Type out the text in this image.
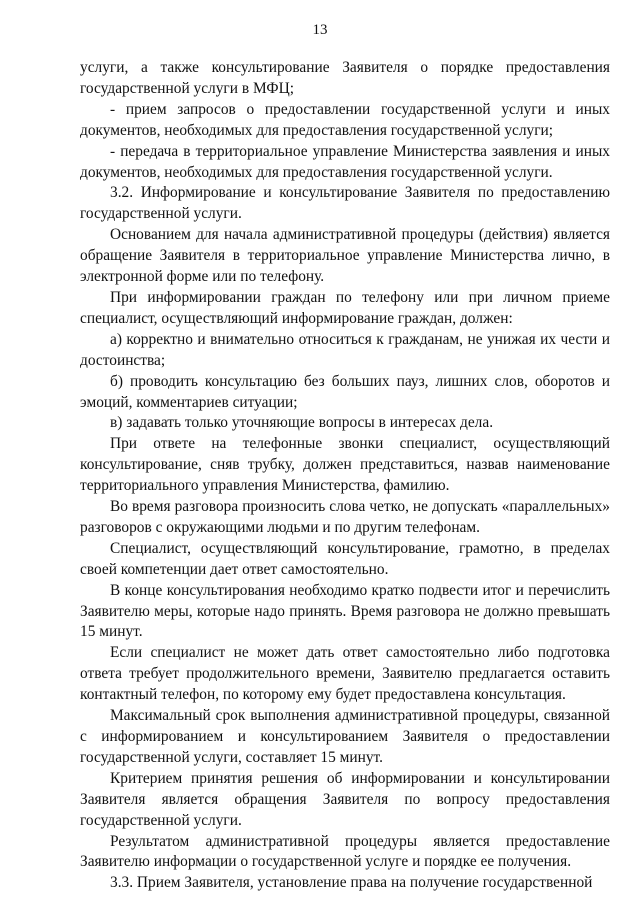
13

услуги, а также консультирование Заявителя о порядке предоставления государственной услуги в МФЦ;

- прием запросов о предоставлении государственной услуги и иных документов, необходимых для предоставления государственной услуги;

- передача в территориальное управление Министерства заявления и иных документов, необходимых для предоставления государственной услуги.

3.2. Информирование и консультирование Заявителя по предоставлению государственной услуги.

Основанием для начала административной процедуры (действия) является обращение Заявителя в территориальное управление Министерства лично, в электронной форме или по телефону.

При информировании граждан по телефону или при личном приеме специалист, осуществляющий информирование граждан, должен:

а) корректно и внимательно относиться к гражданам, не унижая их чести и достоинства;

б) проводить консультацию без больших пауз, лишних слов, оборотов и эмоций, комментариев ситуации;

в) задавать только уточняющие вопросы в интересах дела.

При ответе на телефонные звонки специалист, осуществляющий консультирование, сняв трубку, должен представиться, назвав наименование территориального управления Министерства, фамилию.

Во время разговора произносить слова четко, не допускать «параллельных» разговоров с окружающими людьми и по другим телефонам.

Специалист, осуществляющий консультирование, грамотно, в пределах своей компетенции дает ответ самостоятельно.

В конце консультирования необходимо кратко подвести итог и перечислить Заявителю меры, которые надо принять. Время разговора не должно превышать 15 минут.

Если специалист не может дать ответ самостоятельно либо подготовка ответа требует продолжительного времени, Заявителю предлагается оставить контактный телефон, по которому ему будет предоставлена консультация.

Максимальный срок выполнения административной процедуры, связанной с информированием и консультированием Заявителя о предоставлении государственной услуги, составляет 15 минут.

Критерием принятия решения об информировании и консультировании Заявителя является обращения Заявителя по вопросу предоставления государственной услуги.

Результатом административной процедуры является предоставление Заявителю информации о государственной услуге и порядке ее получения.

3.3. Прием Заявителя, установление права на получение государственной
